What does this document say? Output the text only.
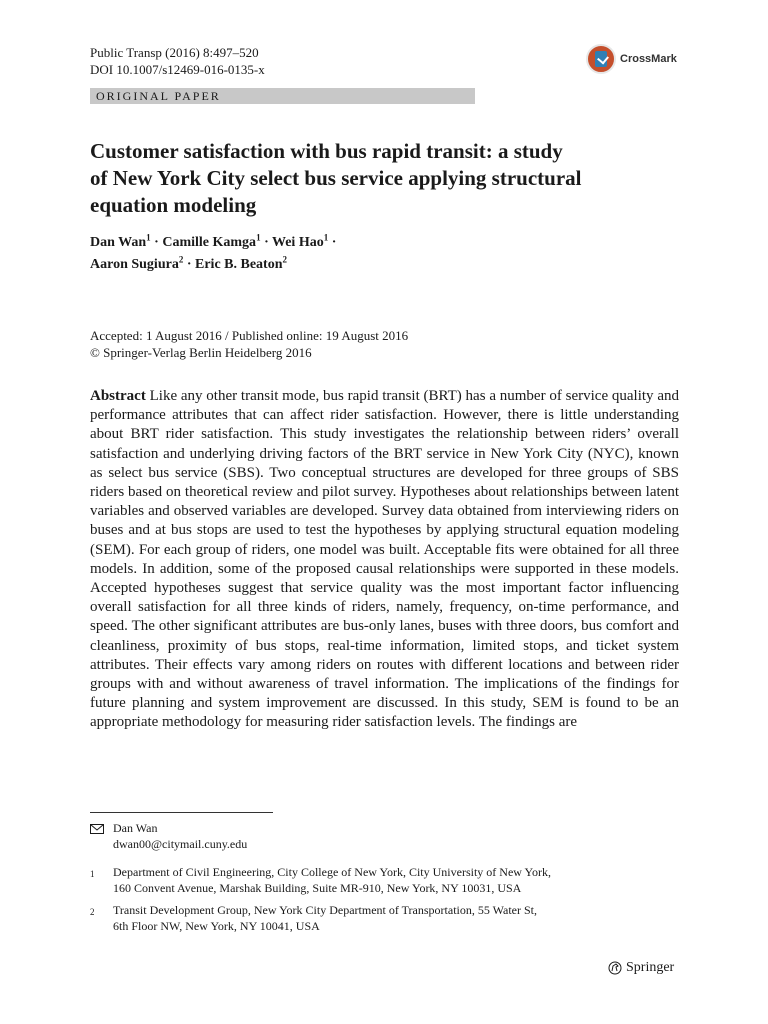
Public Transp (2016) 8:497–520
DOI 10.1007/s12469-016-0135-x
CrossMark
ORIGINAL PAPER
Customer satisfaction with bus rapid transit: a study
of New York City select bus service applying structural
equation modeling
Dan Wan$^1$ · Camille Kamga$^1$ · Wei Hao$^1$ ·
Aaron Sugiura$^2$ · Eric B. Beaton$^2$
Accepted: 1 August 2016 / Published online: 19 August 2016
© Springer-Verlag Berlin Heidelberg 2016
Abstract Like any other transit mode, bus rapid transit (BRT) has a number of service quality and performance attributes that can affect rider satisfaction. However, there is little understanding about BRT rider satisfaction. This study investigates the relationship between riders’ overall satisfaction and underlying driving factors of the BRT service in New York City (NYC), known as select bus service (SBS). Two conceptual structures are developed for three groups of SBS riders based on theoretical review and pilot survey. Hypotheses about relationships between latent variables and observed variables are developed. Survey data obtained from interviewing riders on buses and at bus stops are used to test the hypotheses by applying structural equation modeling (SEM). For each group of riders, one model was built. Acceptable fits were obtained for all three models. In addition, some of the proposed causal relationships were supported in these models. Accepted hypotheses suggest that service quality was the most important factor influencing overall satisfaction for all three kinds of riders, namely, frequency, on-time performance, and speed. The other significant attributes are bus-only lanes, buses with three doors, bus comfort and cleanliness, proximity of bus stops, real-time information, limited stops, and ticket system attributes. Their effects vary among riders on routes with different locations and between rider groups with and without awareness of travel information. The implications of the findings for future planning and system improvement are discussed. In this study, SEM is found to be an appropriate methodology for measuring rider satisfaction levels. The findings are
Dan Wan
dwan00@citymail.cuny.edu
1 Department of Civil Engineering, City College of New York, City University of New York,
160 Convent Avenue, Marshak Building, Suite MR-910, New York, NY 10031, USA
2 Transit Development Group, New York City Department of Transportation, 55 Water St,
6th Floor NW, New York, NY 10041, USA
Springer
